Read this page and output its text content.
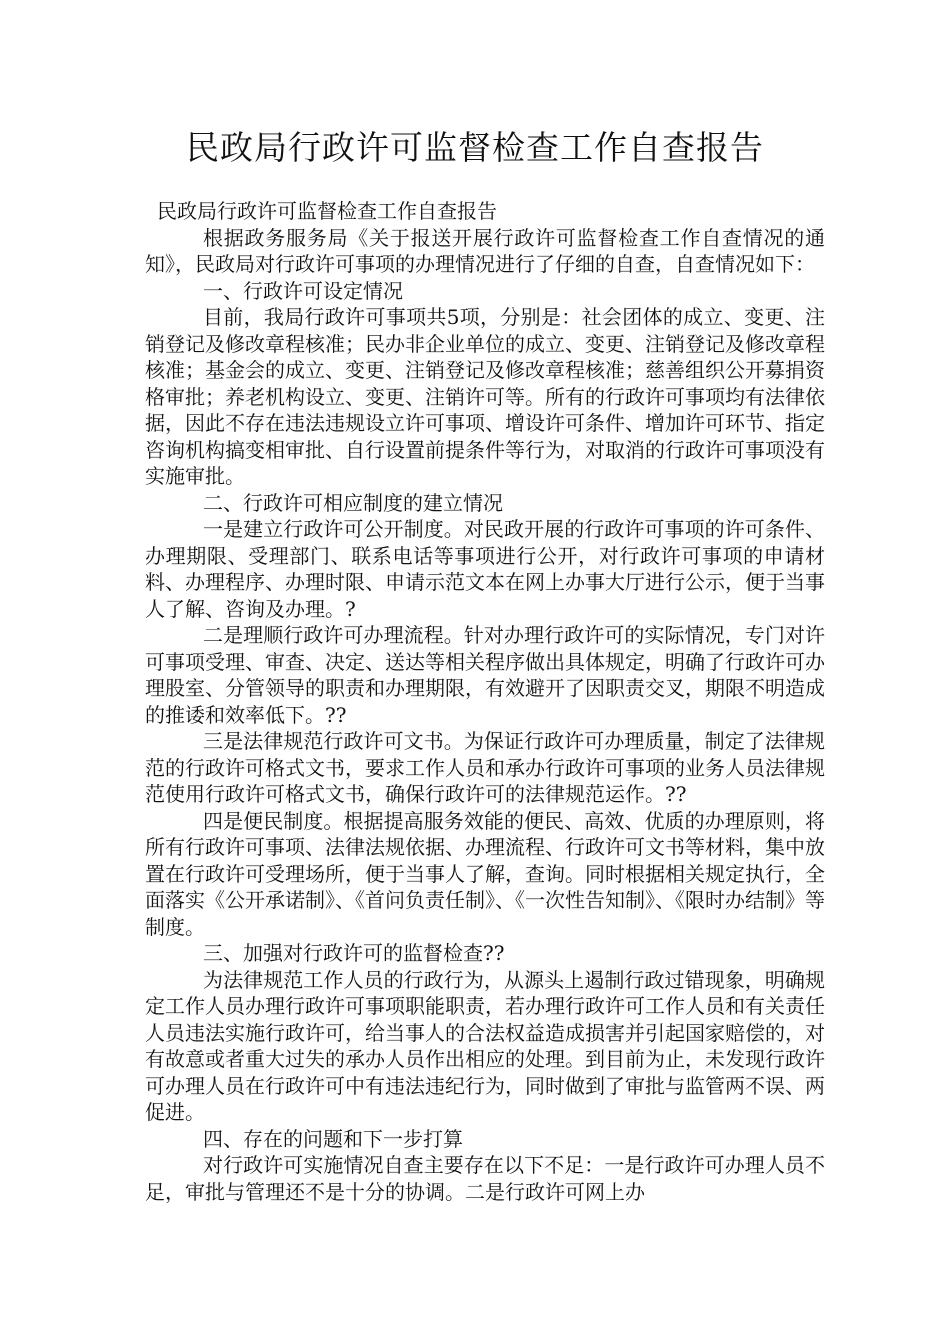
民政局行政许可监督检查工作自查报告

民政局行政许可监督检查工作自查报告

根据政务服务局《关于报送开展行政许可监督检查工作自查情况的通知》，民政局对行政许可事项的办理情况进行了仔细的自查，自查情况如下：

一、行政许可设定情况

目前，我局行政许可事项共5项，分别是：社会团体的成立、变更、注销登记及修改章程核准；民办非企业单位的成立、变更、注销登记及修改章程核准；基金会的成立、变更、注销登记及修改章程核准；慈善组织公开募捐资格审批；养老机构设立、变更、注销许可等。所有的行政许可事项均有法律依据，因此不存在违法违规设立许可事项、增设许可条件、增加许可环节、指定咨询机构搞变相审批、自行设置前提条件等行为，对取消的行政许可事项没有实施审批。

二、行政许可相应制度的建立情况

一是建立行政许可公开制度。对民政开展的行政许可事项的许可条件、办理期限、受理部门、联系电话等事项进行公开，对行政许可事项的申请材料、办理程序、办理时限、申请示范文本在网上办事大厅进行公示，便于当事人了解、咨询及办理。?

二是理顺行政许可办理流程。针对办理行政许可的实际情况，专门对许可事项受理、审查、决定、送达等相关程序做出具体规定，明确了行政许可办理股室、分管领导的职责和办理期限，有效避开了因职责交叉，期限不明造成的推诿和效率低下。??

三是法律规范行政许可文书。为保证行政许可办理质量，制定了法律规范的行政许可格式文书，要求工作人员和承办行政许可事项的业务人员法律规范使用行政许可格式文书，确保行政许可的法律规范运作。??

四是便民制度。根据提高服务效能的便民、高效、优质的办理原则，将所有行政许可事项、法律法规依据、办理流程、行政许可文书等材料，集中放置在行政许可受理场所，便于当事人了解，查询。同时根据相关规定执行，全面落实《公开承诺制》、《首问负责任制》、《一次性告知制》、《限时办结制》等制度。

三、加强对行政许可的监督检查??

为法律规范工作人员的行政行为，从源头上遏制行政过错现象，明确规定工作人员办理行政许可事项职能职责，若办理行政许可工作人员和有关责任人员违法实施行政许可，给当事人的合法权益造成损害并引起国家赔偿的，对有故意或者重大过失的承办人员作出相应的处理。到目前为止，未发现行政许可办理人员在行政许可中有违法违纪行为，同时做到了审批与监管两不误、两促进。

四、存在的问题和下一步打算

对行政许可实施情况自查主要存在以下不足：一是行政许可办理人员不足，审批与管理还不是十分的协调。二是行政许可网上办
